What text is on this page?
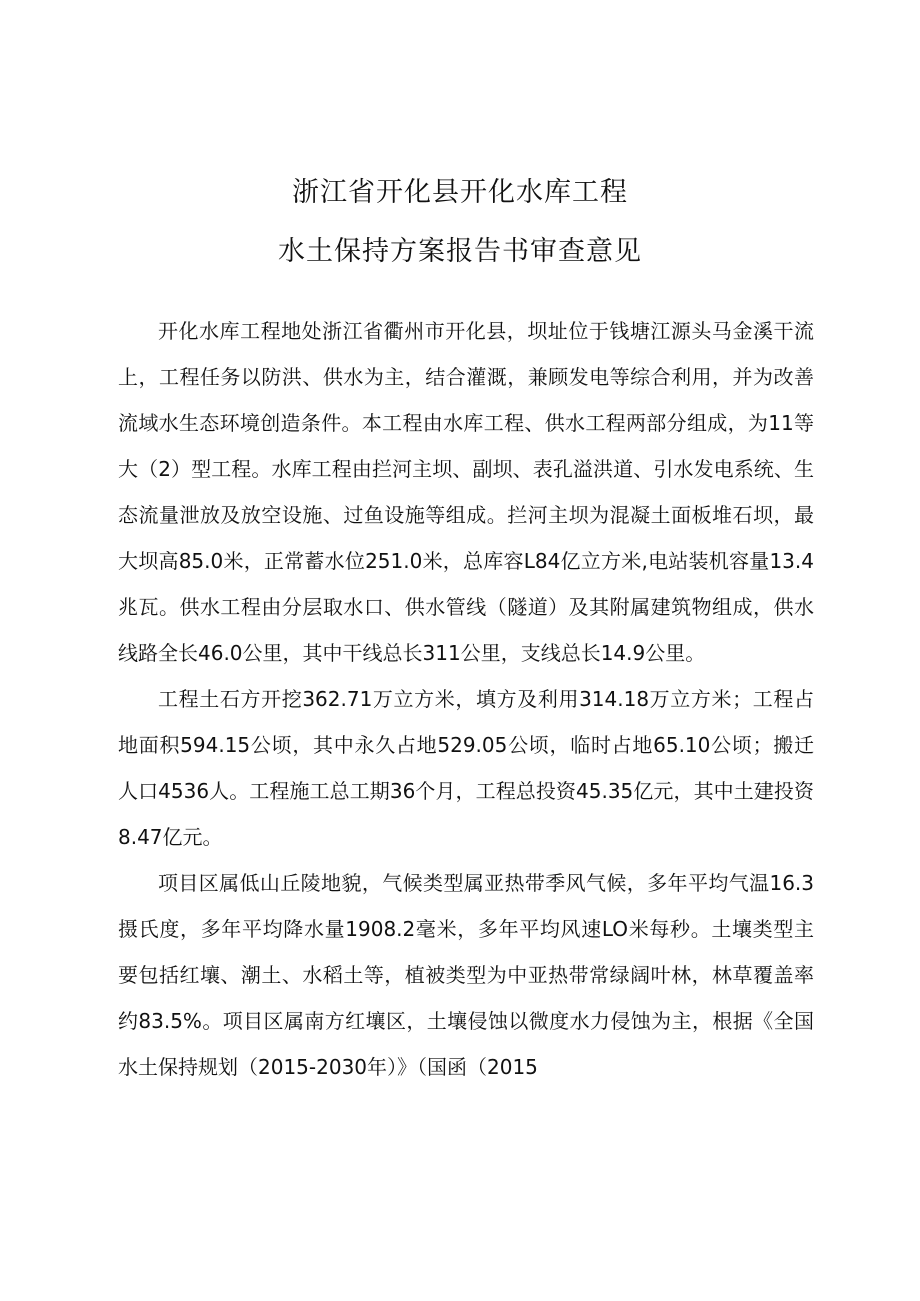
浙江省开化县开化水库工程
水土保持方案报告书审查意见

开化水库工程地处浙江省衢州市开化县，坝址位于钱塘江源头马金溪干流上，工程任务以防洪、供水为主，结合灌溉，兼顾发电等综合利用，并为改善流域水生态环境创造条件。本工程由水库工程、供水工程两部分组成，为11等大（2）型工程。水库工程由拦河主坝、副坝、表孔溢洪道、引水发电系统、生态流量泄放及放空设施、过鱼设施等组成。拦河主坝为混凝土面板堆石坝，最大坝高85.0米，正常蓄水位251.0米，总库容L84亿立方米,电站装机容量13.4兆瓦。供水工程由分层取水口、供水管线（隧道）及其附属建筑物组成，供水线路全长46.0公里，其中干线总长311公里，支线总长14.9公里。

工程土石方开挖362.71万立方米，填方及利用314.18万立方米；工程占地面积594.15公顷，其中永久占地529.05公顷，临时占地65.10公顷；搬迁人口4536人。工程施工总工期36个月，工程总投资45.35亿元，其中土建投资8.47亿元。

项目区属低山丘陵地貌，气候类型属亚热带季风气候，多年平均气温16.3摄氏度，多年平均降水量1908.2毫米，多年平均风速LO米每秒。土壤类型主要包括红壤、潮土、水稻土等，植被类型为中亚热带常绿阔叶林，林草覆盖率约83.5%。项目区属南方红壤区，土壤侵蚀以微度水力侵蚀为主，根据《全国水土保持规划（2015-2030年）》（国函（2015
